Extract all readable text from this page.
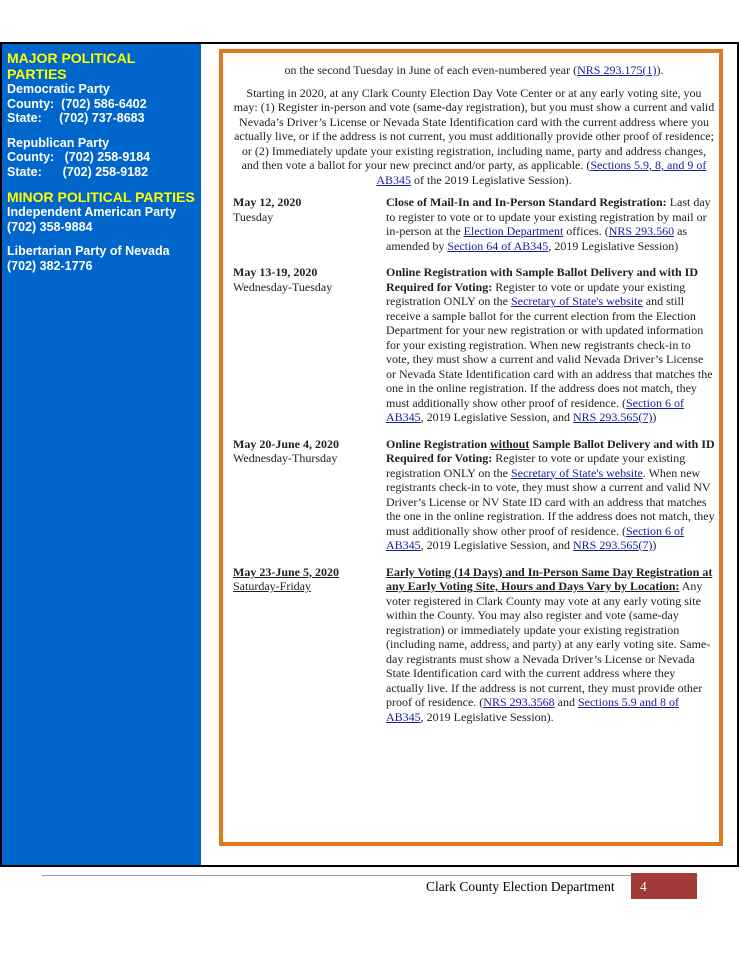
MAJOR POLITICAL PARTIES
Democratic Party
County: (702) 586-6402
State: (702) 737-8683
Republican Party
County: (702) 258-9184
State: (702) 258-9182
MINOR POLITICAL PARTIES
Independent American Party
(702) 358-9884
Libertarian Party of Nevada
(702) 382-1776

on the second Tuesday in June of each even-numbered year (NRS 293.175(1)).

Starting in 2020, at any Clark County Election Day Vote Center or at any early voting site, you may: (1) Register in-person and vote (same-day registration), but you must show a current and valid Nevada’s Driver’s License or Nevada State Identification card with the current address where you actually live, or if the address is not current, you must additionally provide other proof of residence; or (2) Immediately update your existing registration, including name, party and address changes, and then vote a ballot for your new precinct and/or party, as applicable. (Sections 5.9, 8, and 9 of AB345 of the 2019 Legislative Session).

May 12, 2020
Tuesday
Close of Mail-In and In-Person Standard Registration: Last day to register to vote or to update your existing registration by mail or in-person at the Election Department offices. (NRS 293.560 as amended by Section 64 of AB345, 2019 Legislative Session)
May 13-19, 2020
Wednesday-Tuesday
Online Registration with Sample Ballot Delivery and with ID Required for Voting: Register to vote or update your existing registration ONLY on the Secretary of State's website and still receive a sample ballot for the current election from the Election Department for your new registration or with updated information for your existing registration. When new registrants check-in to vote, they must show a current and valid Nevada Driver’s License or Nevada State Identification card with an address that matches the one in the online registration. If the address does not match, they must additionally show other proof of residence. (Section 6 of AB345, 2019 Legislative Session, and NRS 293.565(7))
May 20-June 4, 2020
Wednesday-Thursday
Online Registration without Sample Ballot Delivery and with ID Required for Voting: Register to vote or update your existing registration ONLY on the Secretary of State's website. When new registrants check-in to vote, they must show a current and valid NV Driver’s License or NV State ID card with an address that matches the one in the online registration. If the address does not match, they must additionally show other proof of residence. (Section 6 of AB345, 2019 Legislative Session, and NRS 293.565(7))
May 23-June 5, 2020
Saturday-Friday
Early Voting (14 Days) and In-Person Same Day Registration at any Early Voting Site, Hours and Days Vary by Location: Any voter registered in Clark County may vote at any early voting site within the County. You may also register and vote (same-day registration) or immediately update your existing registration (including name, address, and party) at any early voting site. Same-day registrants must show a Nevada Driver’s License or Nevada State Identification card with the current address where they actually live. If the address is not current, they must provide other proof of residence. (NRS 293.3568 and Sections 5.9 and 8 of AB345, 2019 Legislative Session).
Clark County Election Department	4
